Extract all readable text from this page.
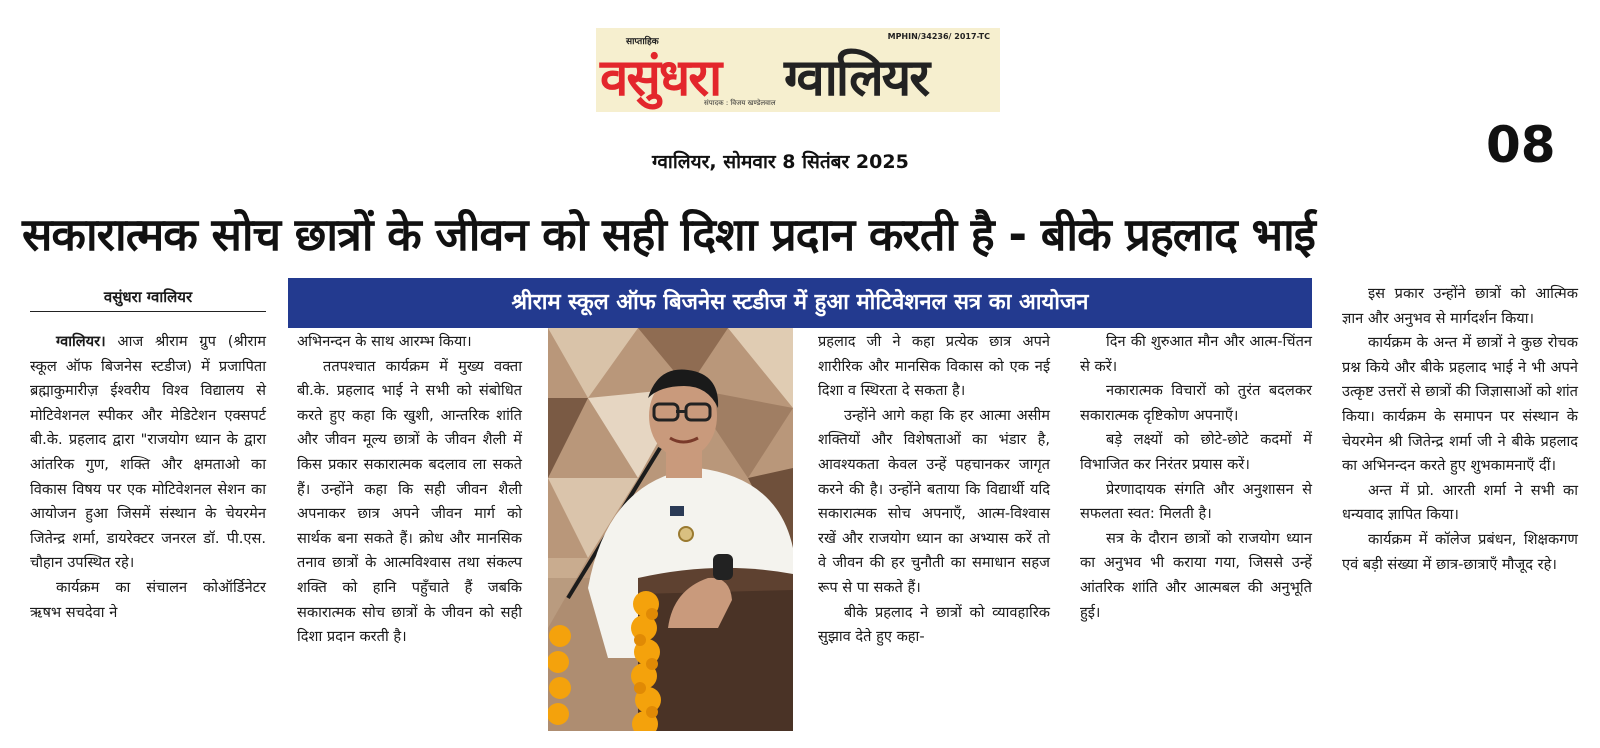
साप्ताहिक
MPHIN/34236/ 2017-TC
वसुंधरा ग्वालियर
संपादक : विजय खण्डेलवाल
ग्वालियर, सोमवार 8 सितंबर 2025	08
सकारात्मक सोच छात्रों के जीवन को सही दिशा प्रदान करती है - बीके प्रहलाद भाई
वसुंधरा ग्वालियर	श्रीराम स्कूल ऑफ बिजनेस स्टडीज में हुआ मोटिवेशनल सत्र का आयोजन

ग्वालियर। आज श्रीराम ग्रुप (श्रीराम स्कूल ऑफ बिजनेस स्टडीज) में प्रजापिता ब्रह्माकुमारीज़ ईश्वरीय विश्व विद्यालय से मोटिवेशनल स्पीकर और मेडिटेशन एक्सपर्ट बी.के. प्रहलाद द्वारा "राजयोग ध्यान के द्वारा आंतरिक गुण, शक्ति और क्षमताओ का विकास विषय पर एक मोटिवेशनल सेशन का आयोजन हुआ जिसमें संस्थान के चेयरमेन जितेन्द्र शर्मा, डायरेक्टर जनरल डॉ. पी.एस. चौहान उपस्थित रहे।

कार्यक्रम का संचालन कोऑर्डिनेटर ऋषभ सचदेवा ने

अभिनन्दन के साथ आरम्भ किया।

ततपश्चात कार्यक्रम में मुख्य वक्ता बी.के. प्रहलाद भाई ने सभी को संबोधित करते हुए कहा कि खुशी, आन्तरिक शांति और जीवन मूल्य छात्रों के जीवन शैली में किस प्रकार सकारात्मक बदलाव ला सकते हैं। उन्होंने कहा कि सही जीवन शैली अपनाकर छात्र अपने जीवन मार्ग को सार्थक बना सकते हैं। क्रोध और मानसिक तनाव छात्रों के आत्मविश्वास तथा संकल्प शक्ति को हानि पहुँचाते हैं जबकि सकारात्मक सोच छात्रों के जीवन को सही दिशा प्रदान करती है।

प्रहलाद जी ने कहा प्रत्येक छात्र अपने शारीरिक और मानसिक विकास को एक नई दिशा व स्थिरता दे सकता है।

उन्होंने आगे कहा कि हर आत्मा असीम शक्तियों और विशेषताओं का भंडार है, आवश्यकता केवल उन्हें पहचानकर जागृत करने की है। उन्होंने बताया कि विद्यार्थी यदि सकारात्मक सोच अपनाएँ, आत्म-विश्वास रखें और राजयोग ध्यान का अभ्यास करें तो वे जीवन की हर चुनौती का समाधान सहज रूप से पा सकते हैं।

बीके प्रहलाद ने छात्रों को व्यावहारिक सुझाव देते हुए कहा-

दिन की शुरुआत मौन और आत्म-चिंतन से करें।

नकारात्मक विचारों को तुरंत बदलकर सकारात्मक दृष्टिकोण अपनाएँ।

बड़े लक्ष्यों को छोटे-छोटे कदमों में विभाजित कर निरंतर प्रयास करें।

प्रेरणादायक संगति और अनुशासन से सफलता स्वत: मिलती है।

सत्र के दौरान छात्रों को राजयोग ध्यान का अनुभव भी कराया गया, जिससे उन्हें आंतरिक शांति और आत्मबल की अनुभूति हुई।

इस प्रकार उन्होंने छात्रों को आत्मिक ज्ञान और अनुभव से मार्गदर्शन किया।

कार्यक्रम के अन्त में छात्रों ने कुछ रोचक प्रश्न किये और बीके प्रहलाद भाई ने भी अपने उत्कृष्ट उत्तरों से छात्रों की जिज्ञासाओं को शांत किया। कार्यक्रम के समापन पर संस्थान के चेयरमेन श्री जितेन्द्र शर्मा जी ने बीके प्रहलाद का अभिनन्दन करते हुए शुभकामनाएँ दीं।

अन्त में प्रो. आरती शर्मा ने सभी का धन्यवाद ज्ञापित किया।

कार्यक्रम में कॉलेज प्रबंधन, शिक्षकगण एवं बड़ी संख्या में छात्र-छात्राएँ मौजूद रहे।
